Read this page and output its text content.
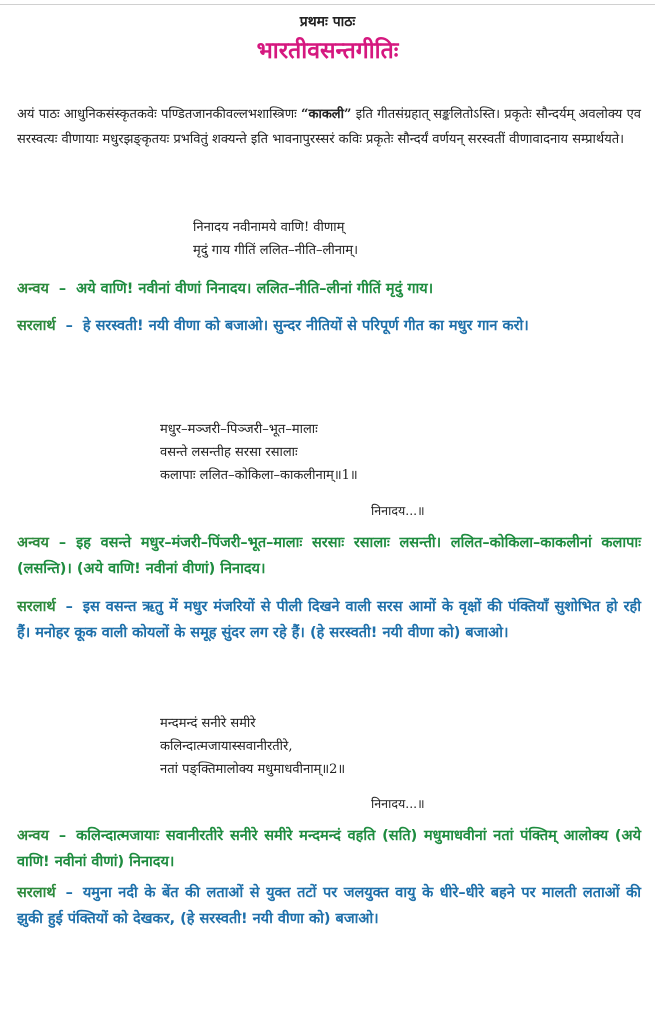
प्रथमः पाठः
भारतीवसन्तगीतिः
अयं पाठः आधुनिकसंस्कृतकवेः पण्डितजानकीवल्लभशास्त्रिणः “काकली” इति गीतसंग्रहात् सङ्कलितोऽस्ति। प्रकृतेः सौन्दर्यम् अवलोक्य एव सरस्वत्यः वीणायाः मधुरझङ्कृतयः प्रभवितुं शक्यन्ते इति भावनापुरस्सरं कविः प्रकृतेः सौन्दर्यं वर्णयन् सरस्वतीं वीणावादनाय सम्प्रार्थयते।
निनादय नवीनामये वाणि! वीणाम्
मृदुं गाय गीतिं ललित–नीति–लीनाम्।
अन्वय – अये वाणि! नवीनां वीणां निनादय। ललित–नीति–लीनां गीतिं मृदुं गाय।
सरलार्थ – हे सरस्वती! नयी वीणा को बजाओ। सुन्दर नीतियों से परिपूर्ण गीत का मधुर गान करो।
मधुर–मञ्जरी–पिञ्जरी–भूत–मालाः
वसन्ते लसन्तीह सरसा रसालाः
कलापाः ललित–कोकिला–काकलीनाम्॥1॥
निनादय...॥
अन्वय – इह वसन्ते मधुर–मंजरी–पिंजरी–भूत–मालाः सरसाः रसालाः लसन्ती। ललित–कोकिला–काकलीनां कलापाः (लसन्ति)। (अये वाणि! नवीनां वीणां) निनादय।
सरलार्थ – इस वसन्त ऋतु में मधुर मंजरियों से पीली दिखने वाली सरस आमों के वृक्षों की पंक्तियाँ सुशोभित हो रही हैं। मनोहर कूक वाली कोयलों के समूह सुंदर लग रहे हैं। (हे सरस्वती! नयी वीणा को) बजाओ।
मन्दमन्दं सनीरे समीरे
कलिन्दात्मजायास्सवानीरतीरे,
नतां पङ्क्तिमालोक्य मधुमाधवीनाम्॥2॥
निनादय...॥
अन्वय – कलिन्दात्मजायाः सवानीरतीरे सनीरे समीरे मन्दमन्दं वहति (सति) मधुमाधवीनां नतां पंक्तिम् आलोक्य (अये वाणि! नवीनां वीणां) निनादय।
सरलार्थ – यमुना नदी के बेंत की लताओं से युक्त तटों पर जलयुक्त वायु के धीरे–धीरे बहने पर मालती लताओं की झुकी हुई पंक्तियों को देखकर, (हे सरस्वती! नयी वीणा को) बजाओ।
